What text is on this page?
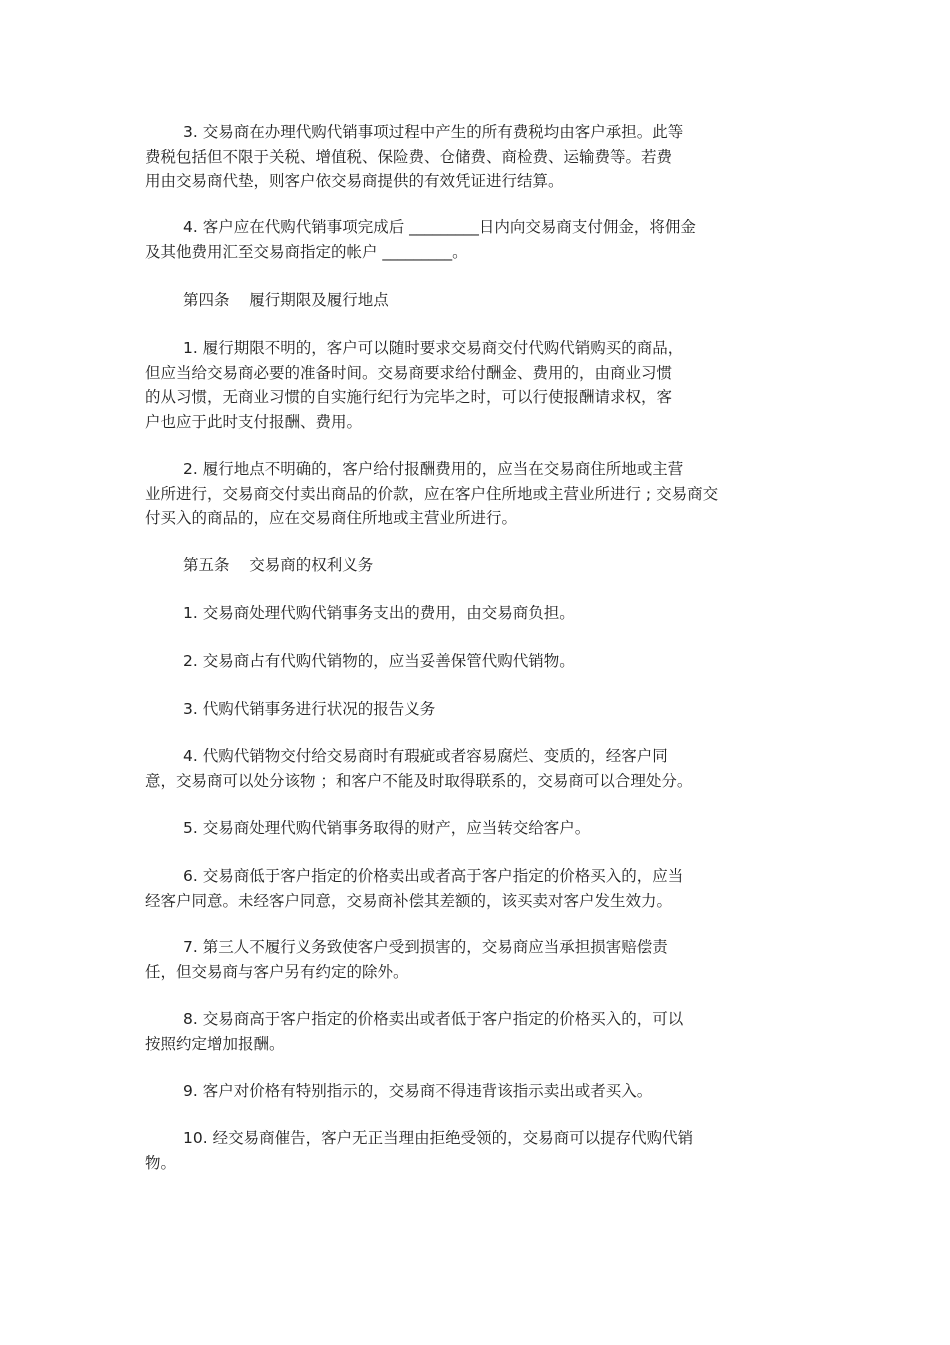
3. 交易商在办理代购代销事项过程中产生的所有费税均由客户承担。此等
费税包括但不限于关税、增值税、保险费、仓储费、商检费、运输费等。若费
用由交易商代垫，则客户依交易商提供的有效凭证进行结算。

4. 客户应在代购代销事项完成后 _________日内向交易商支付佣金，将佣金
及其他费用汇至交易商指定的帐户 _________。

第四条    履行期限及履行地点

1. 履行期限不明的，客户可以随时要求交易商交付代购代销购买的商品，
但应当给交易商必要的准备时间。交易商要求给付酬金、费用的，由商业习惯
的从习惯，无商业习惯的自实施行纪行为完毕之时，可以行使报酬请求权，客
户也应于此时支付报酬、费用。

2. 履行地点不明确的，客户给付报酬费用的，应当在交易商住所地或主营
业所进行，交易商交付卖出商品的价款，应在客户住所地或主营业所进行 ; 交易商交
付买入的商品的，应在交易商住所地或主营业所进行。

第五条    交易商的权利义务

1. 交易商处理代购代销事务支出的费用，由交易商负担。

2. 交易商占有代购代销物的，应当妥善保管代购代销物。

3. 代购代销事务进行状况的报告义务

4. 代购代销物交付给交易商时有瑕疵或者容易腐烂、变质的，经客户同
意，交易商可以处分该物 ；和客户不能及时取得联系的，交易商可以合理处分。

5. 交易商处理代购代销事务取得的财产，应当转交给客户。

6. 交易商低于客户指定的价格卖出或者高于客户指定的价格买入的，应当
经客户同意。未经客户同意，交易商补偿其差额的，该买卖对客户发生效力。

7. 第三人不履行义务致使客户受到损害的，交易商应当承担损害赔偿责
任，但交易商与客户另有约定的除外。

8. 交易商高于客户指定的价格卖出或者低于客户指定的价格买入的，可以
按照约定增加报酬。

9. 客户对价格有特别指示的，交易商不得违背该指示卖出或者买入。

10. 经交易商催告，客户无正当理由拒绝受领的，交易商可以提存代购代销
物。
